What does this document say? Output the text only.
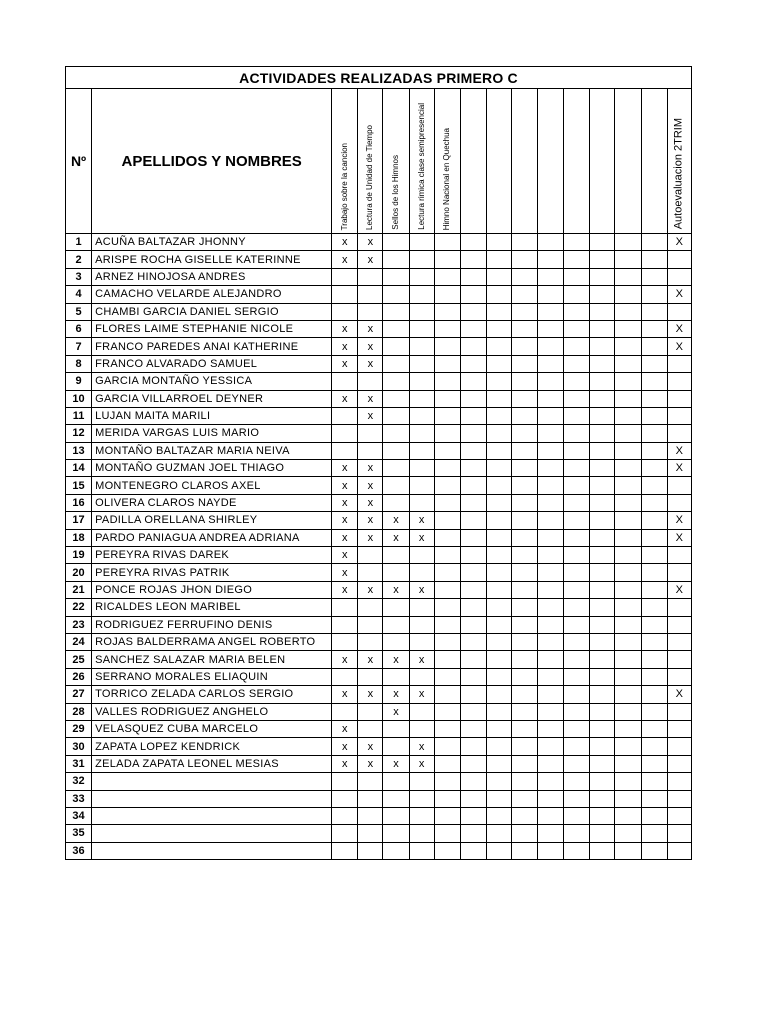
ACTIVIDADES REALIZADAS PRIMERO C															
Nº	APELLIDOS Y NOMBRES	Trabajo sobre la cancion	Lectura de Unidad de Tiempo	Sellos de los Himnos	Lectura rimica clase semipresencial	Himno Nacional en Quechua									Autoevaluacion 2TRIM

1	ACUÑA BALTAZAR JHONNY	x	x												X
2	ARISPE ROCHA GISELLE KATERINNE	x	x												
3	ARNEZ HINOJOSA ANDRES														
4	CAMACHO VELARDE ALEJANDRO														X
5	CHAMBI GARCIA DANIEL SERGIO														
6	FLORES LAIME STEPHANIE NICOLE	x	x												X
7	FRANCO PAREDES ANAI KATHERINE	x	x												X
8	FRANCO ALVARADO SAMUEL	x	x												
9	GARCIA MONTAÑO YESSICA														
10	GARCIA VILLARROEL DEYNER	x	x												
11	LUJAN MAITA MARILI		x												
12	MERIDA VARGAS LUIS MARIO														
13	MONTAÑO BALTAZAR MARIA NEIVA														X
14	MONTAÑO GUZMAN JOEL THIAGO	x	x												X
15	MONTENEGRO CLAROS AXEL	x	x												
16	OLIVERA CLAROS NAYDE	x	x												
17	PADILLA ORELLANA SHIRLEY	x	x	x	x										X
18	PARDO PANIAGUA ANDREA ADRIANA	x	x	x	x										X
19	PEREYRA RIVAS DAREK	x													
20	PEREYRA RIVAS PATRIK	x													
21	PONCE ROJAS JHON DIEGO	x	x	x	x										X
22	RICALDES LEON MARIBEL														
23	RODRIGUEZ FERRUFINO DENIS														
24	ROJAS BALDERRAMA ANGEL ROBERTO														
25	SANCHEZ SALAZAR MARIA BELEN	x	x	x	x										
26	SERRANO MORALES ELIAQUIN														
27	TORRICO ZELADA CARLOS SERGIO	x	x	x	x										X
28	VALLES RODRIGUEZ ANGHELO			x											
29	VELASQUEZ CUBA MARCELO	x													
30	ZAPATA LOPEZ KENDRICK	x	x		x										
31	ZELADA ZAPATA LEONEL MESIAS	x	x	x	x										
32															
33															
34															
35															
36															
